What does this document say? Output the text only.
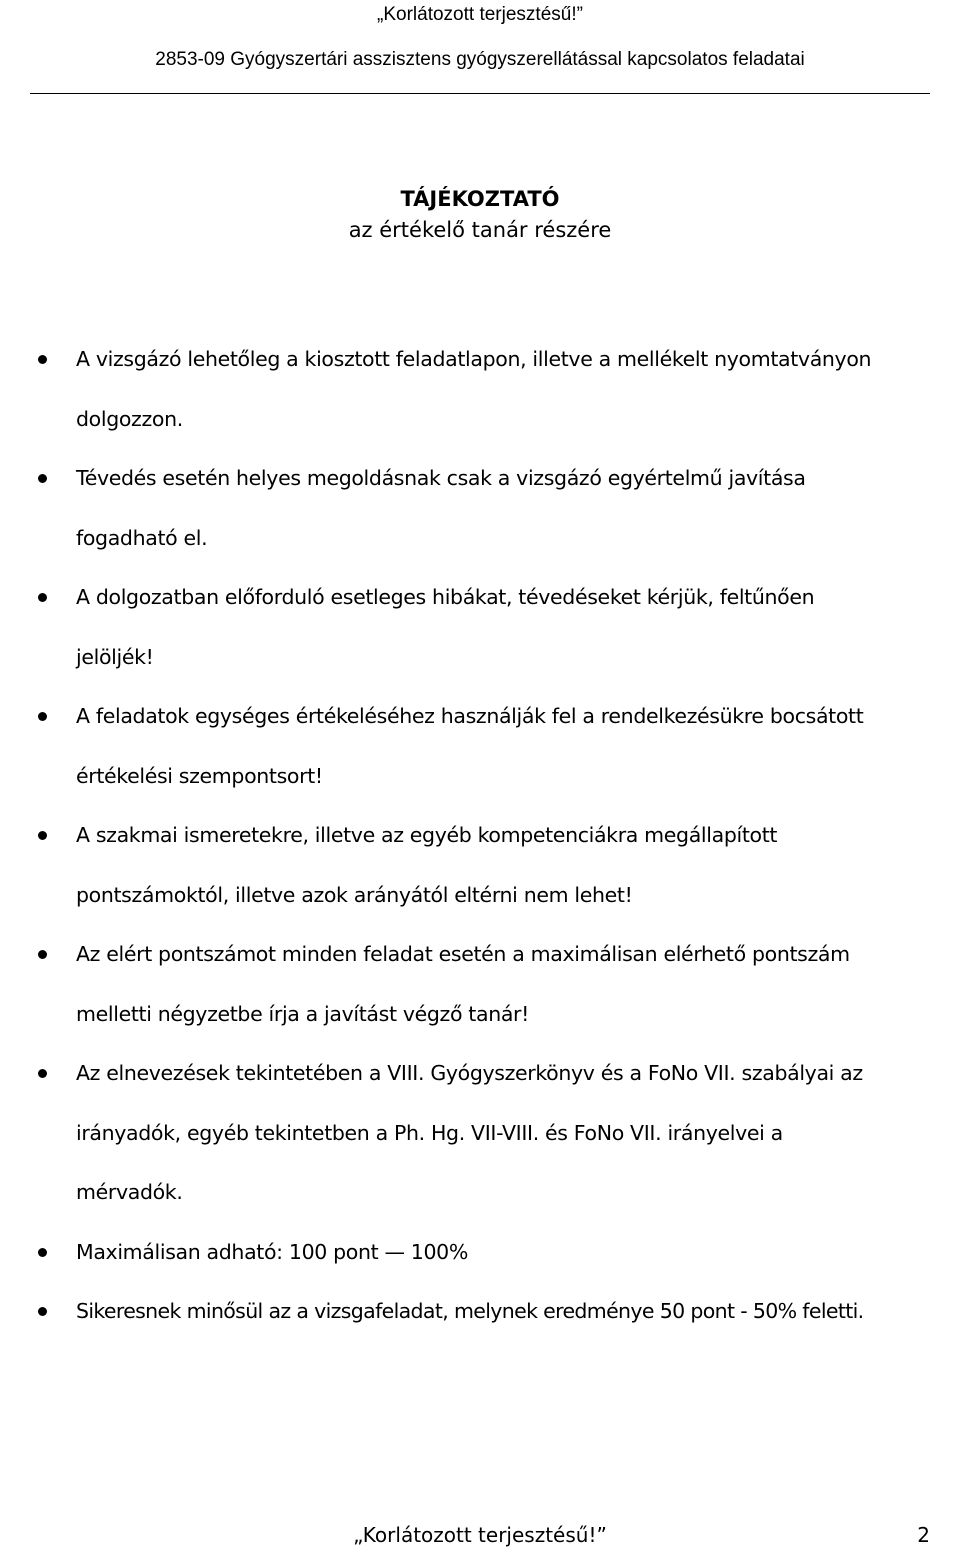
„Korlátozott terjesztésű!”
2853-09 Gyógyszertári asszisztens gyógyszerellátással kapcsolatos feladatai
TÁJÉKOZTATÓ
az értékelő tanár részére
A vizsgázó lehetőleg a kiosztott feladatlapon, illetve a mellékelt nyomtatványon
dolgozzon.
Tévedés esetén helyes megoldásnak csak a vizsgázó egyértelmű javítása
fogadható el.
A dolgozatban előforduló esetleges hibákat, tévedéseket kérjük, feltűnően
jelöljék!
A feladatok egységes értékeléséhez használják fel a rendelkezésükre bocsátott
értékelési szempontsort!
A szakmai ismeretekre, illetve az egyéb kompetenciákra megállapított
pontszámoktól, illetve azok arányától eltérni nem lehet!
Az elért pontszámot minden feladat esetén a maximálisan elérhető pontszám
melletti négyzetbe írja a javítást végző tanár!
Az elnevezések tekintetében a VIII. Gyógyszerkönyv és a FoNo VII. szabályai az
irányadók, egyéb tekintetben a Ph. Hg. VII-VIII. és FoNo VII. irányelvei a
mérvadók.
Maximálisan adható: 100 pont — 100%
Sikeresnek minősül az a vizsgafeladat, melynek eredménye 50 pont - 50% feletti.
„Korlátozott terjesztésű!”	2
